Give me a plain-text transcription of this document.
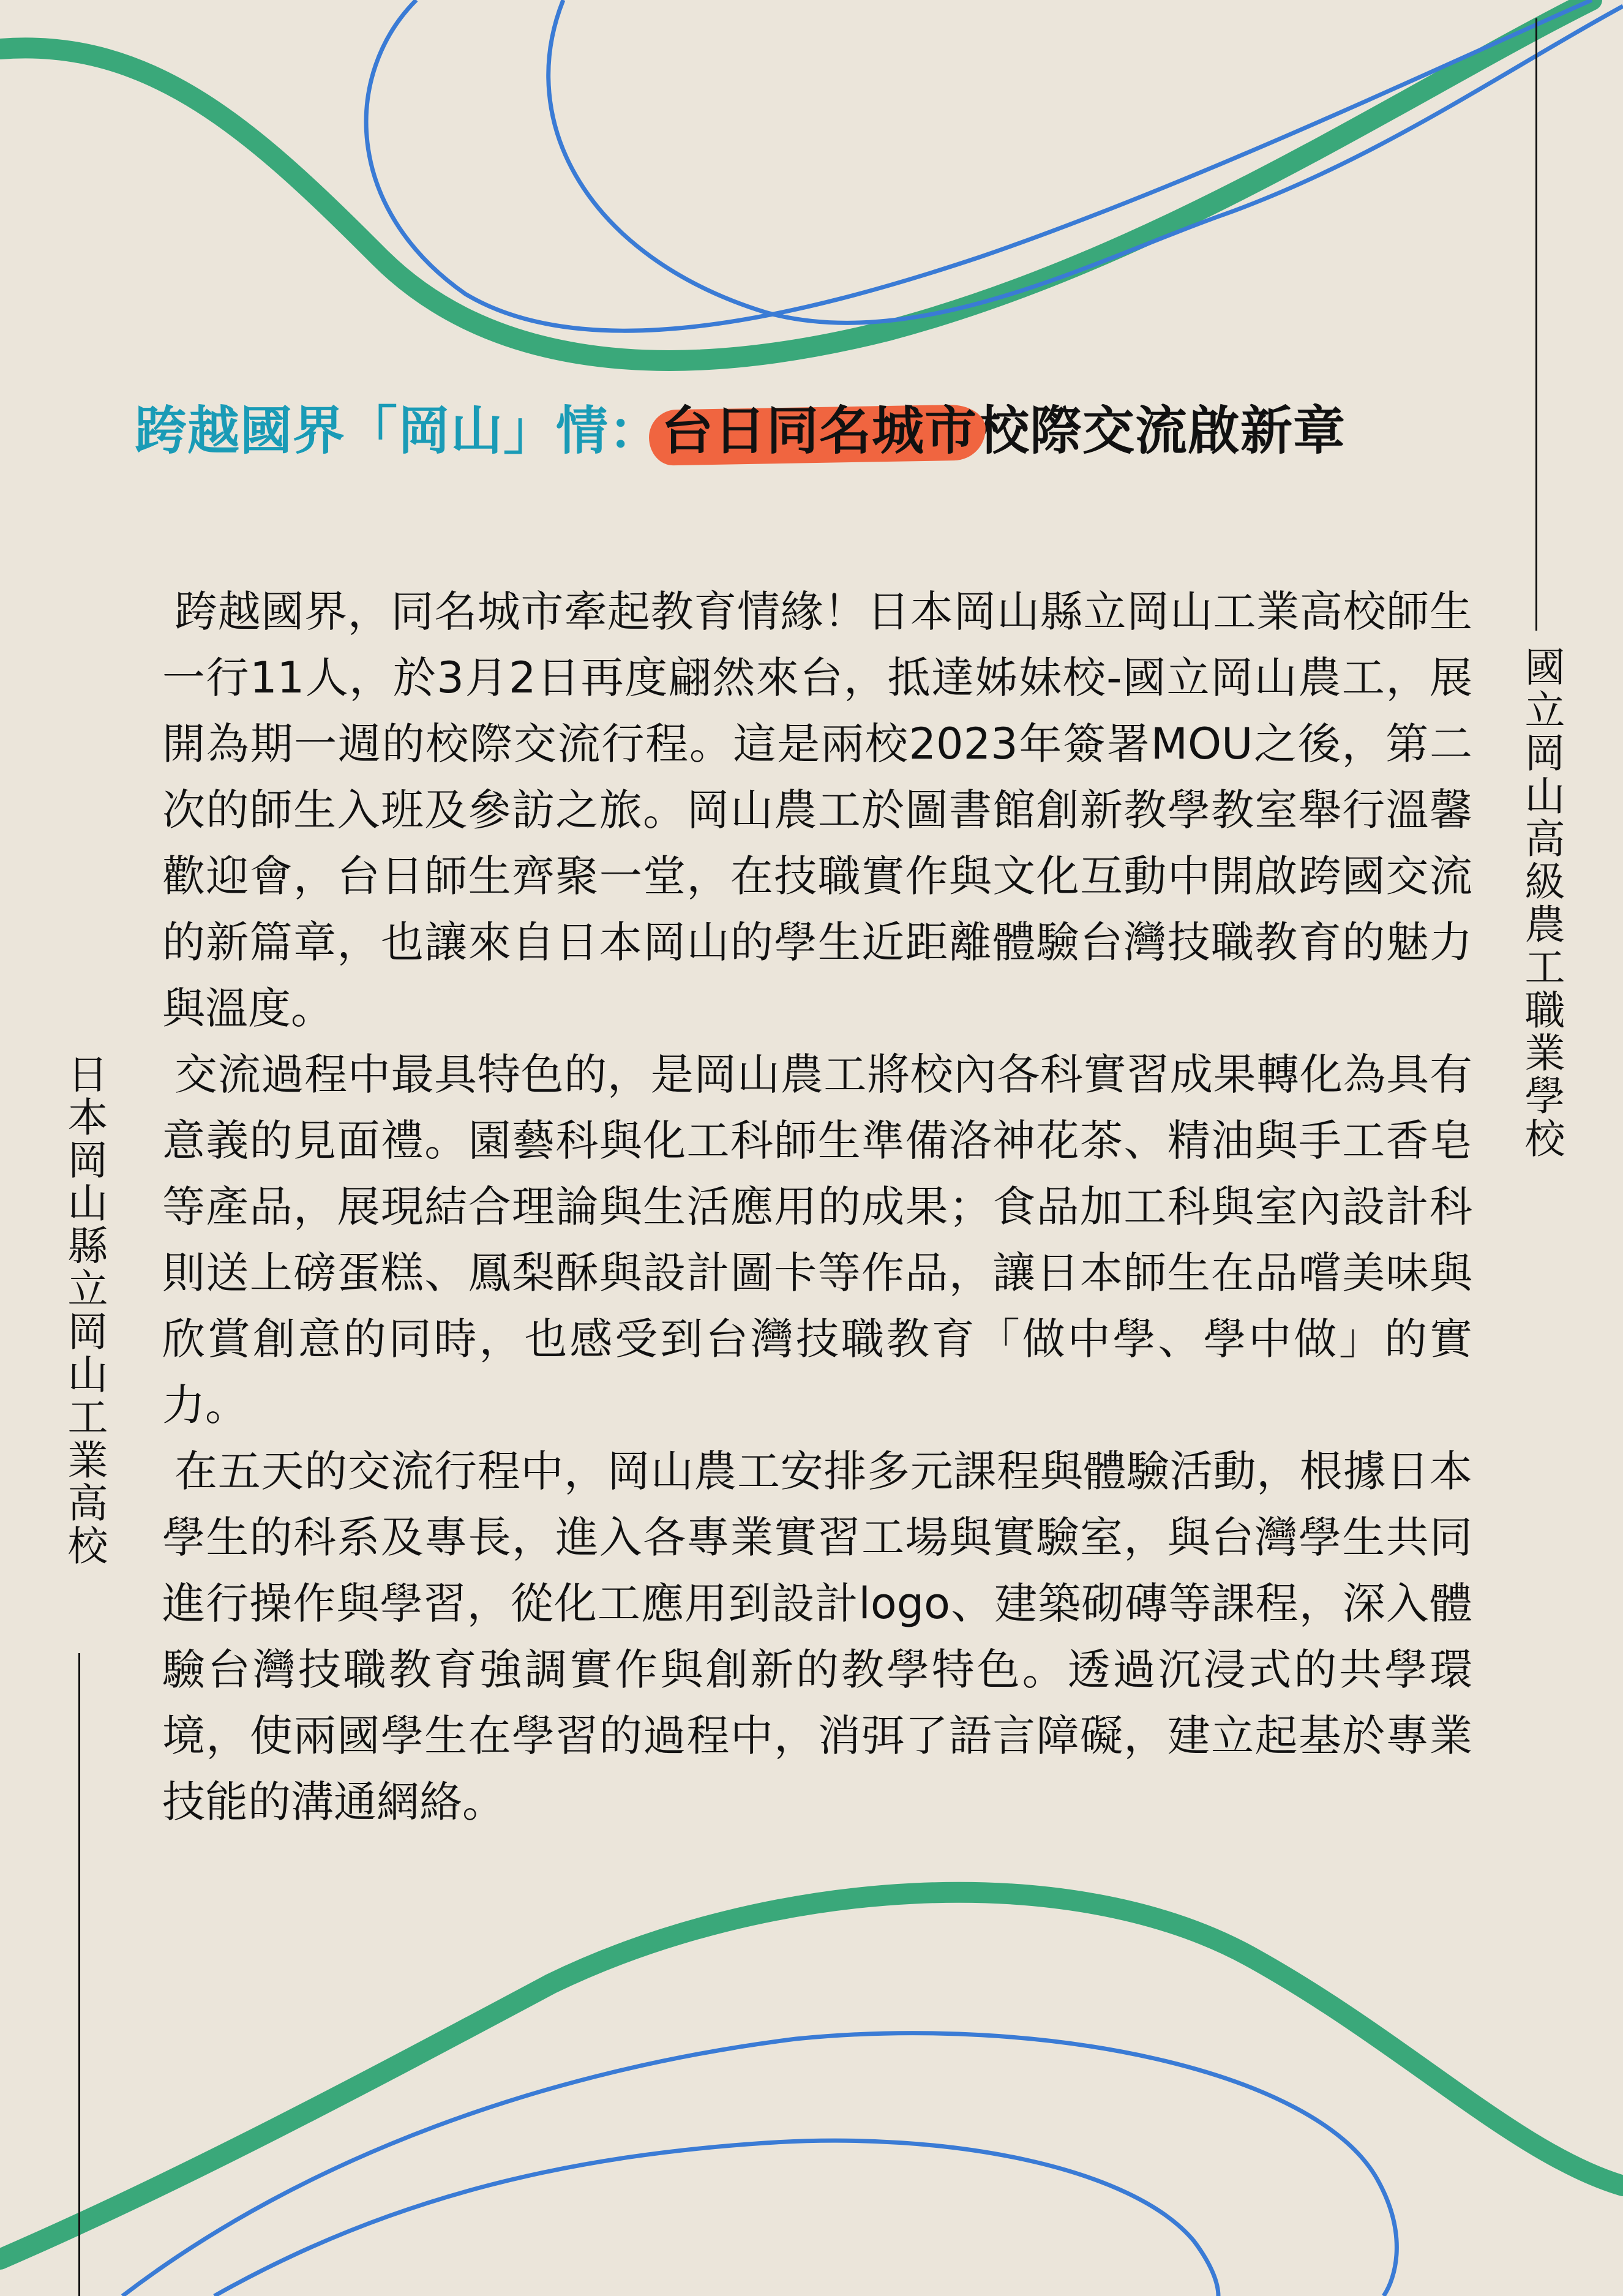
跨越國界「岡山」情：台日同名城市校際交流啟新章

跨越國界，同名城市牽起教育情緣！日本岡山縣立岡山工業高校師生一行11人，於3月2日再度翩然來台，抵達姊妹校-國立岡山農工，展開為期一週的校際交流行程。這是兩校2023年簽署MOU之後，第二次的師生入班及參訪之旅。岡山農工於圖書館創新教學教室舉行溫馨歡迎會，台日師生齊聚一堂，在技職實作與文化互動中開啟跨國交流的新篇章，也讓來自日本岡山的學生近距離體驗台灣技職教育的魅力與溫度。

交流過程中最具特色的，是岡山農工將校內各科實習成果轉化為具有意義的見面禮。園藝科與化工科師生準備洛神花茶、精油與手工香皂等產品，展現結合理論與生活應用的成果；食品加工科與室內設計科則送上磅蛋糕、鳳梨酥與設計圖卡等作品，讓日本師生在品嚐美味與欣賞創意的同時，也感受到台灣技職教育「做中學、學中做」的實力。

在五天的交流行程中，岡山農工安排多元課程與體驗活動，根據日本學生的科系及專長，進入各專業實習工場與實驗室，與台灣學生共同進行操作與學習，從化工應用到設計logo、建築砌磚等課程，深入體驗台灣技職教育強調實作與創新的教學特色。透過沉浸式的共學環境，使兩國學生在學習的過程中，消弭了語言障礙，建立起基於專業技能的溝通網絡。

日本岡山縣立岡山工業高校
國立岡山高級農工職業學校
